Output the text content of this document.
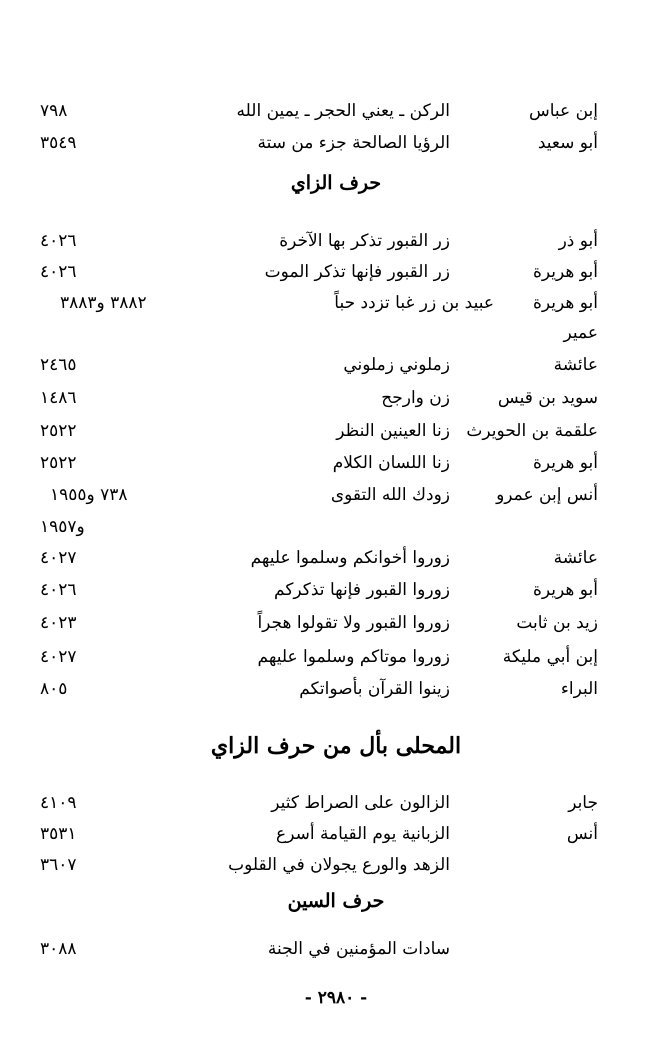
إبن عباس
الركن ـ يعني الحجر ـ يمين الله
٧٩٨
أبو سعيد
الرؤيا الصالحة جزء من ستة
٣٥٤٩
حرف الزاي
أبو ذر
زر القبور تذكر بها الآخرة
٤٠٢٦
أبو هريرة
زر القبور فإنها تذكر الموت
٤٠٢٦
أبو هريرة
عبيد بن زر غبا تزدد حباً
٣٨٨٢ و٣٨٨٣
عمير
عائشة
زملوني زملوني
٢٤٦٥
سويد بن قيس
زن وارجح
١٤٨٦
علقمة بن الحويرث
زنا العينين النظر
٢٥٢٢
أبو هريرة
زنا اللسان الكلام
٢٥٢٢
أنس إبن عمرو
زودك الله التقوى
٧٣٨ و١٩٥٥
و١٩٥٧
عائشة
زوروا أخوانكم وسلموا عليهم
٤٠٢٧
أبو هريرة
زوروا القبور فإنها تذكركم
٤٠٢٦
زيد بن ثابت
زوروا القبور ولا تقولوا هجراً
٤٠٢٣
إبن أبي مليكة
زوروا موتاكم وسلموا عليهم
٤٠٢٧
البراء
زينوا القرآن بأصواتكم
٨٠٥
المحلى بأل من حرف الزاي
جابر
الزالون على الصراط كثير
٤١٠٩
أنس
الزبانية يوم القيامة أسرع
٣٥٣١
الزهد والورع يجولان في القلوب
٣٦٠٧
حرف السين
سادات المؤمنين في الجنة
٣٠٨٨
- ٢٩٨٠ -
